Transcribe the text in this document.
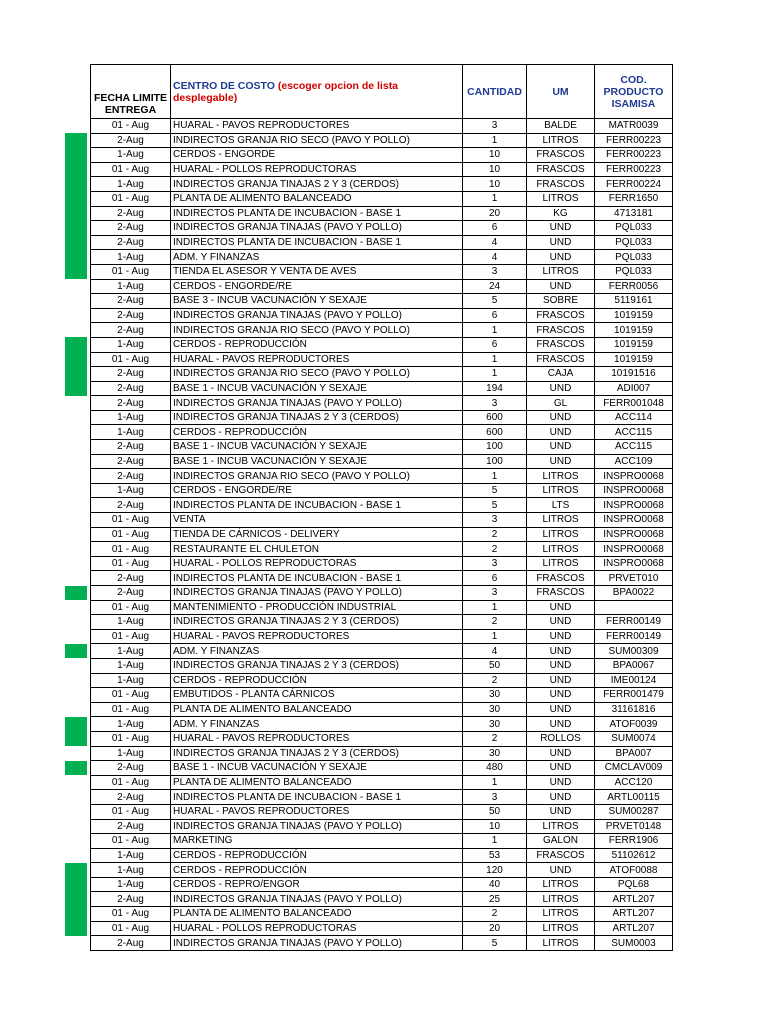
FECHA LIMITE ENTREGA	CENTRO DE COSTO (escoger opcion de lista desplegable)	CANTIDAD	UM	COD. PRODUCTO ISAMISA
01 - Aug	HUARAL - PAVOS REPRODUCTORES	3	BALDE	MATR0039
2-Aug	INDIRECTOS GRANJA RIO SECO (PAVO Y POLLO)	1	LITROS	FERR00223
1-Aug	CERDOS - ENGORDE	10	FRASCOS	FERR00223
01 - Aug	HUARAL - POLLOS REPRODUCTORAS	10	FRASCOS	FERR00223
1-Aug	INDIRECTOS GRANJA TINAJAS 2 Y 3 (CERDOS)	10	FRASCOS	FERR00224
01 - Aug	PLANTA DE ALIMENTO BALANCEADO	1	LITROS	FERR1650
2-Aug	INDIRECTOS PLANTA DE INCUBACION - BASE 1	20	KG	4713181
2-Aug	INDIRECTOS GRANJA TINAJAS (PAVO Y POLLO)	6	UND	PQL033
2-Aug	INDIRECTOS PLANTA DE INCUBACION - BASE 1	4	UND	PQL033
1-Aug	ADM. Y FINANZAS	4	UND	PQL033
01 - Aug	TIENDA EL ASESOR Y VENTA DE AVES	3	LITROS	PQL033
1-Aug	CERDOS - ENGORDE/RE	24	UND	FERR0056
2-Aug	BASE 3 - INCUB VACUNACIÓN Y SEXAJE	5	SOBRE	5119161
2-Aug	INDIRECTOS GRANJA TINAJAS (PAVO Y POLLO)	6	FRASCOS	1019159
2-Aug	INDIRECTOS GRANJA RIO SECO (PAVO Y POLLO)	1	FRASCOS	1019159
1-Aug	CERDOS - REPRODUCCIÓN	6	FRASCOS	1019159
01 - Aug	HUARAL - PAVOS REPRODUCTORES	1	FRASCOS	1019159
2-Aug	INDIRECTOS GRANJA RIO SECO (PAVO Y POLLO)	1	CAJA	10191516
2-Aug	BASE 1 - INCUB VACUNACIÓN Y SEXAJE	194	UND	ADI007
2-Aug	INDIRECTOS GRANJA TINAJAS (PAVO Y POLLO)	3	GL	FERR001048
1-Aug	INDIRECTOS GRANJA TINAJAS 2 Y 3 (CERDOS)	600	UND	ACC114
1-Aug	CERDOS - REPRODUCCIÓN	600	UND	ACC115
2-Aug	BASE 1 - INCUB VACUNACIÓN Y SEXAJE	100	UND	ACC115
2-Aug	BASE 1 - INCUB VACUNACIÓN Y SEXAJE	100	UND	ACC109
2-Aug	INDIRECTOS GRANJA RIO SECO (PAVO Y POLLO)	1	LITROS	INSPRO0068
1-Aug	CERDOS - ENGORDE/RE	5	LITROS	INSPRO0068
2-Aug	INDIRECTOS PLANTA DE INCUBACION - BASE 1	5	LTS	INSPRO0068
01 - Aug	VENTA	3	LITROS	INSPRO0068
01 - Aug	TIENDA DE CÁRNICOS - DELIVERY	2	LITROS	INSPRO0068
01 - Aug	RESTAURANTE EL CHULETON	2	LITROS	INSPRO0068
01 - Aug	HUARAL - POLLOS REPRODUCTORAS	3	LITROS	INSPRO0068
2-Aug	INDIRECTOS PLANTA DE INCUBACION - BASE 1	6	FRASCOS	PRVET010
2-Aug	INDIRECTOS GRANJA TINAJAS (PAVO Y POLLO)	3	FRASCOS	BPA0022
01 - Aug	MANTENIMIENTO - PRODUCCIÓN INDUSTRIAL	1	UND	
1-Aug	INDIRECTOS GRANJA TINAJAS 2 Y 3 (CERDOS)	2	UND	FERR00149
01 - Aug	HUARAL - PAVOS REPRODUCTORES	1	UND	FERR00149
1-Aug	ADM. Y FINANZAS	4	UND	SUM00309
1-Aug	INDIRECTOS GRANJA TINAJAS 2 Y 3 (CERDOS)	50	UND	BPA0067
1-Aug	CERDOS - REPRODUCCIÓN	2	UND	IME00124
01 - Aug	EMBUTIDOS - PLANTA CÁRNICOS	30	UND	FERR001479
01 - Aug	PLANTA DE ALIMENTO BALANCEADO	30	UND	31161816
1-Aug	ADM. Y FINANZAS	30	UND	ATOF0039
01 - Aug	HUARAL - PAVOS REPRODUCTORES	2	ROLLOS	SUM0074
1-Aug	INDIRECTOS GRANJA TINAJAS 2 Y 3 (CERDOS)	30	UND	BPA007
2-Aug	BASE 1 - INCUB VACUNACIÓN Y SEXAJE	480	UND	CMCLAV009
01 - Aug	PLANTA DE ALIMENTO BALANCEADO	1	UND	ACC120
2-Aug	INDIRECTOS PLANTA DE INCUBACION - BASE 1	3	UND	ARTL00115
01 - Aug	HUARAL - PAVOS REPRODUCTORES	50	UND	SUM00287
2-Aug	INDIRECTOS GRANJA TINAJAS (PAVO Y POLLO)	10	LITROS	PRVET0148
01 - Aug	MARKETING	1	GALON	FERR1906
1-Aug	CERDOS - REPRODUCCIÓN	53	FRASCOS	51102612
1-Aug	CERDOS - REPRODUCCIÓN	120	UND	ATOF0088
1-Aug	CERDOS - REPRO/ENGOR	40	LITROS	PQL68
2-Aug	INDIRECTOS GRANJA TINAJAS (PAVO Y POLLO)	25	LITROS	ARTL207
01 - Aug	PLANTA DE ALIMENTO BALANCEADO	2	LITROS	ARTL207
01 - Aug	HUARAL - POLLOS REPRODUCTORAS	20	LITROS	ARTL207
2-Aug	INDIRECTOS GRANJA TINAJAS (PAVO Y POLLO)	5	LITROS	SUM0003
